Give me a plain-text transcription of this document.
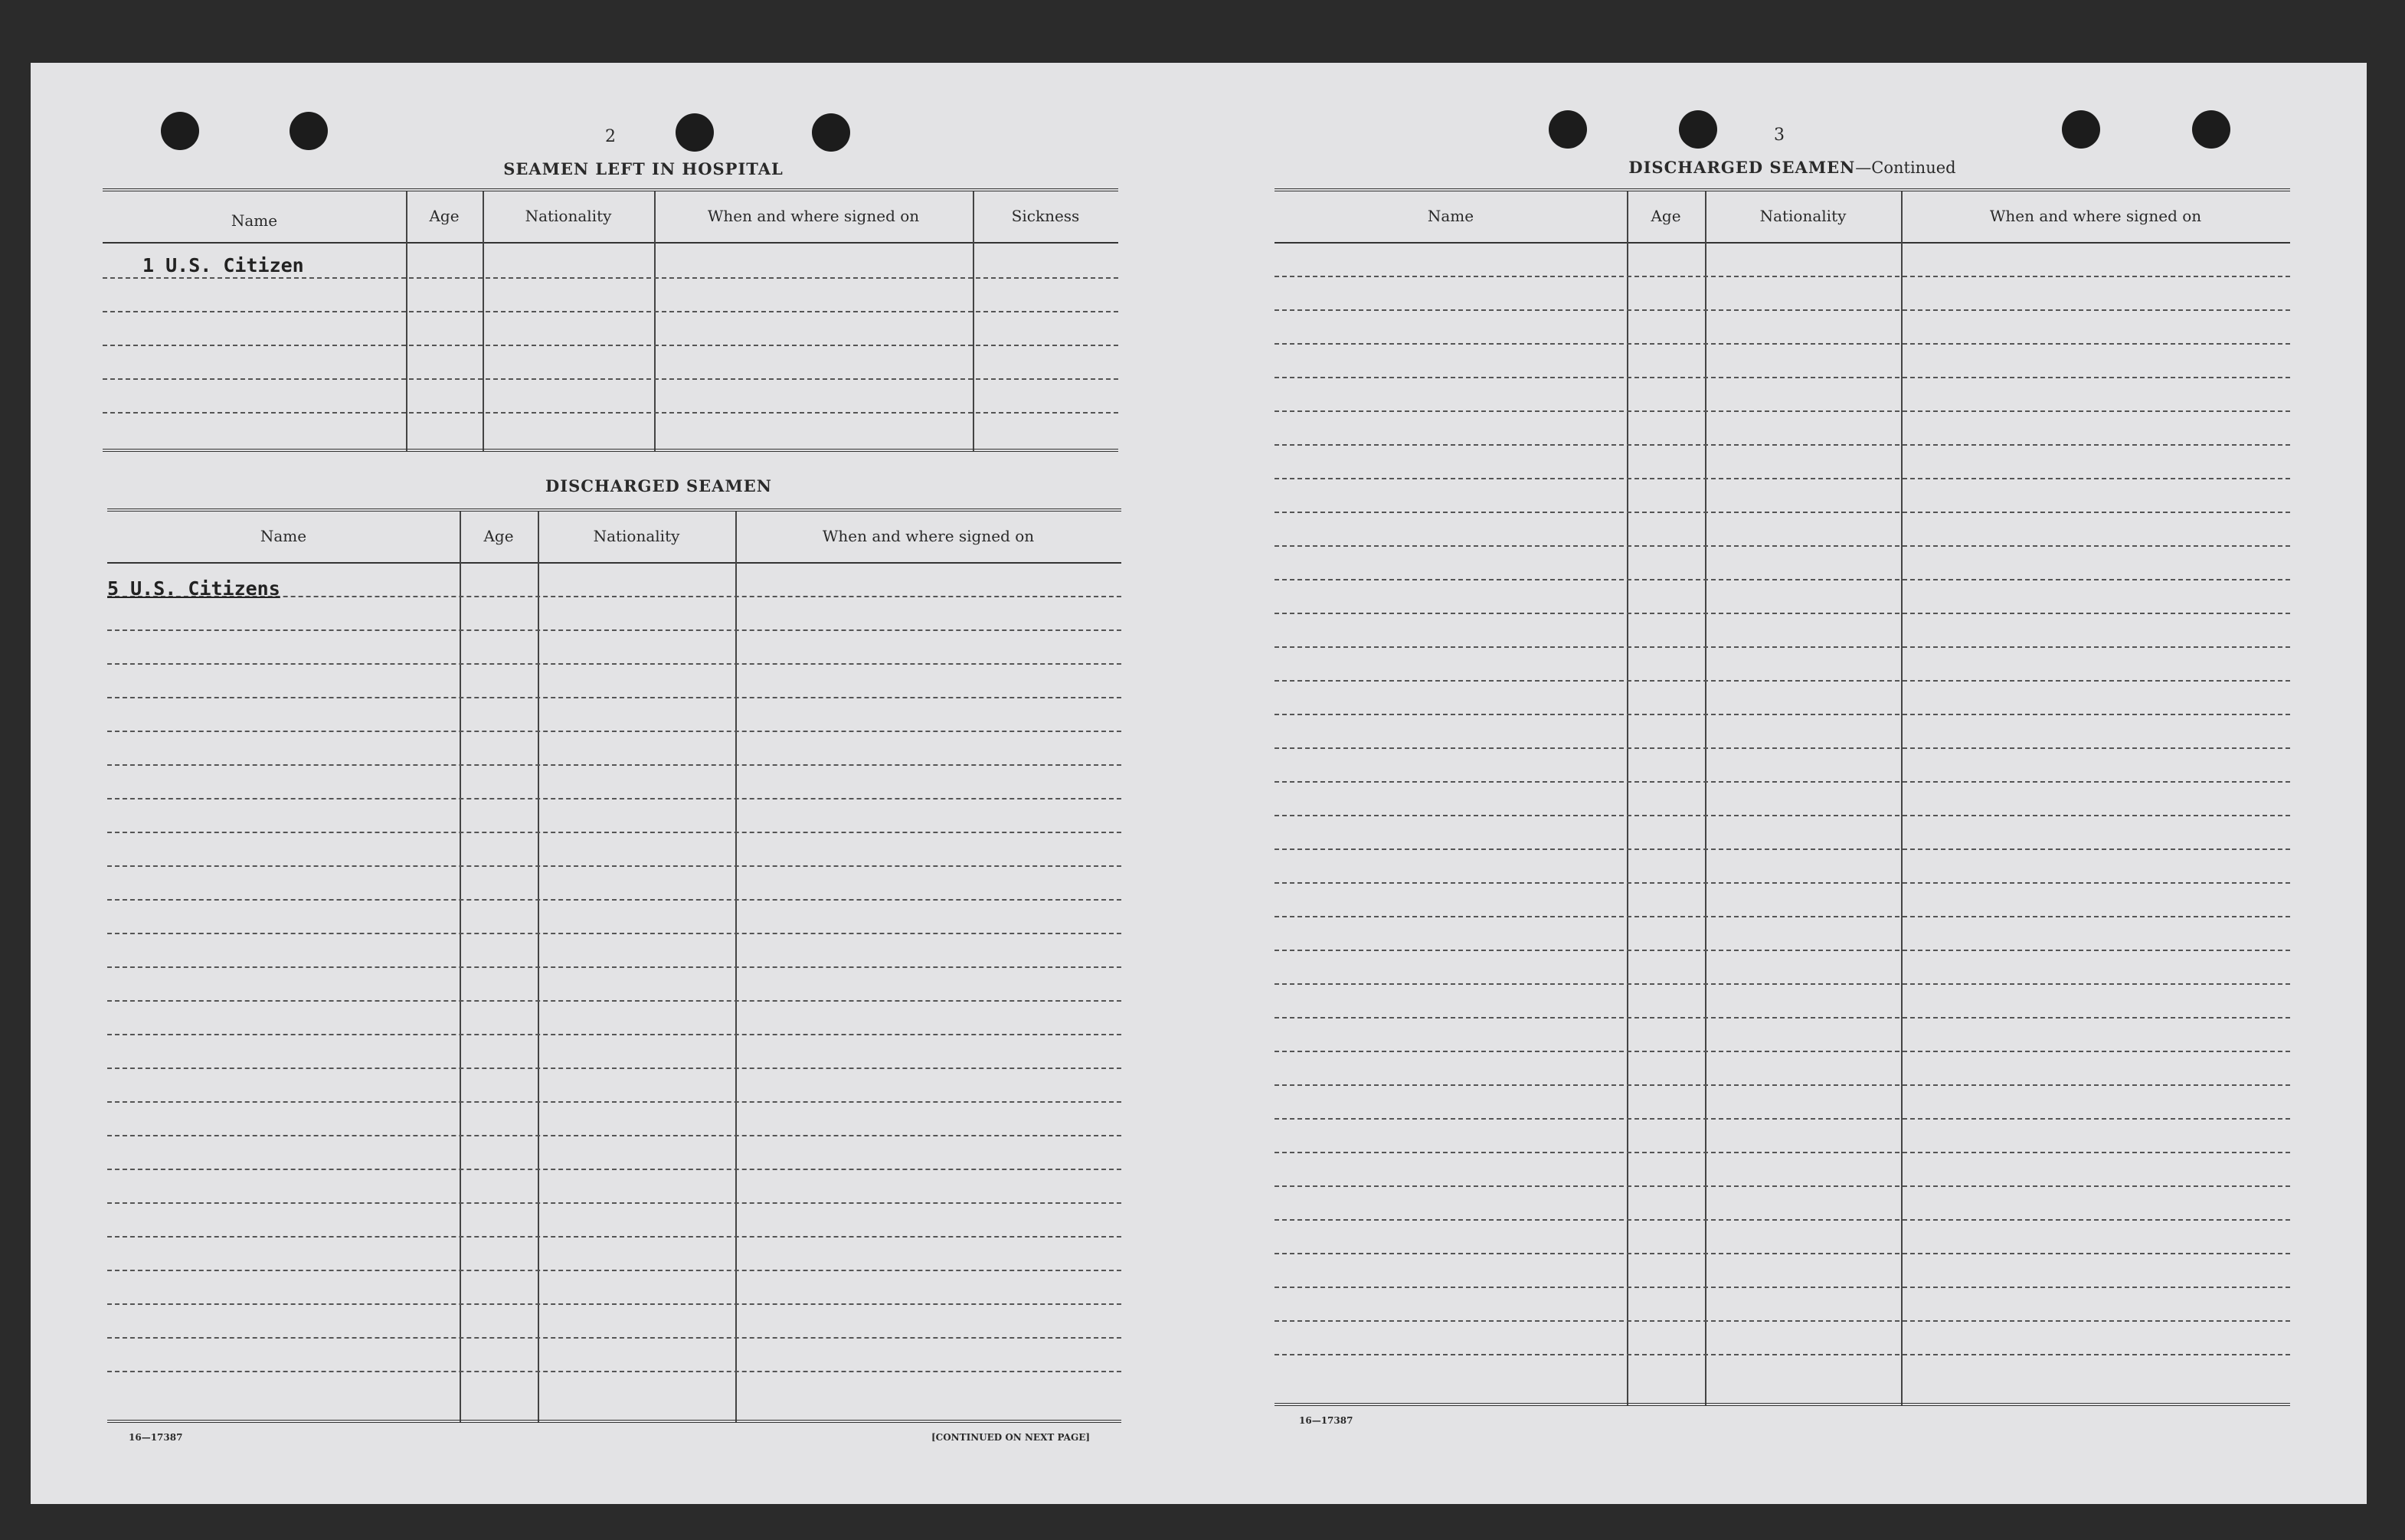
2
SEAMEN LEFT IN HOSPITAL
Name	Age	Nationality	When and where signed on	Sickness
1 U.S. Citizen
DISCHARGED SEAMEN
Name	Age	Nationality	When and where signed on
5 U.S. Citizens
16—17387	[CONTINUED ON NEXT PAGE]
3
DISCHARGED SEAMEN—Continued
Name	Age	Nationality	When and where signed on
16—17387
